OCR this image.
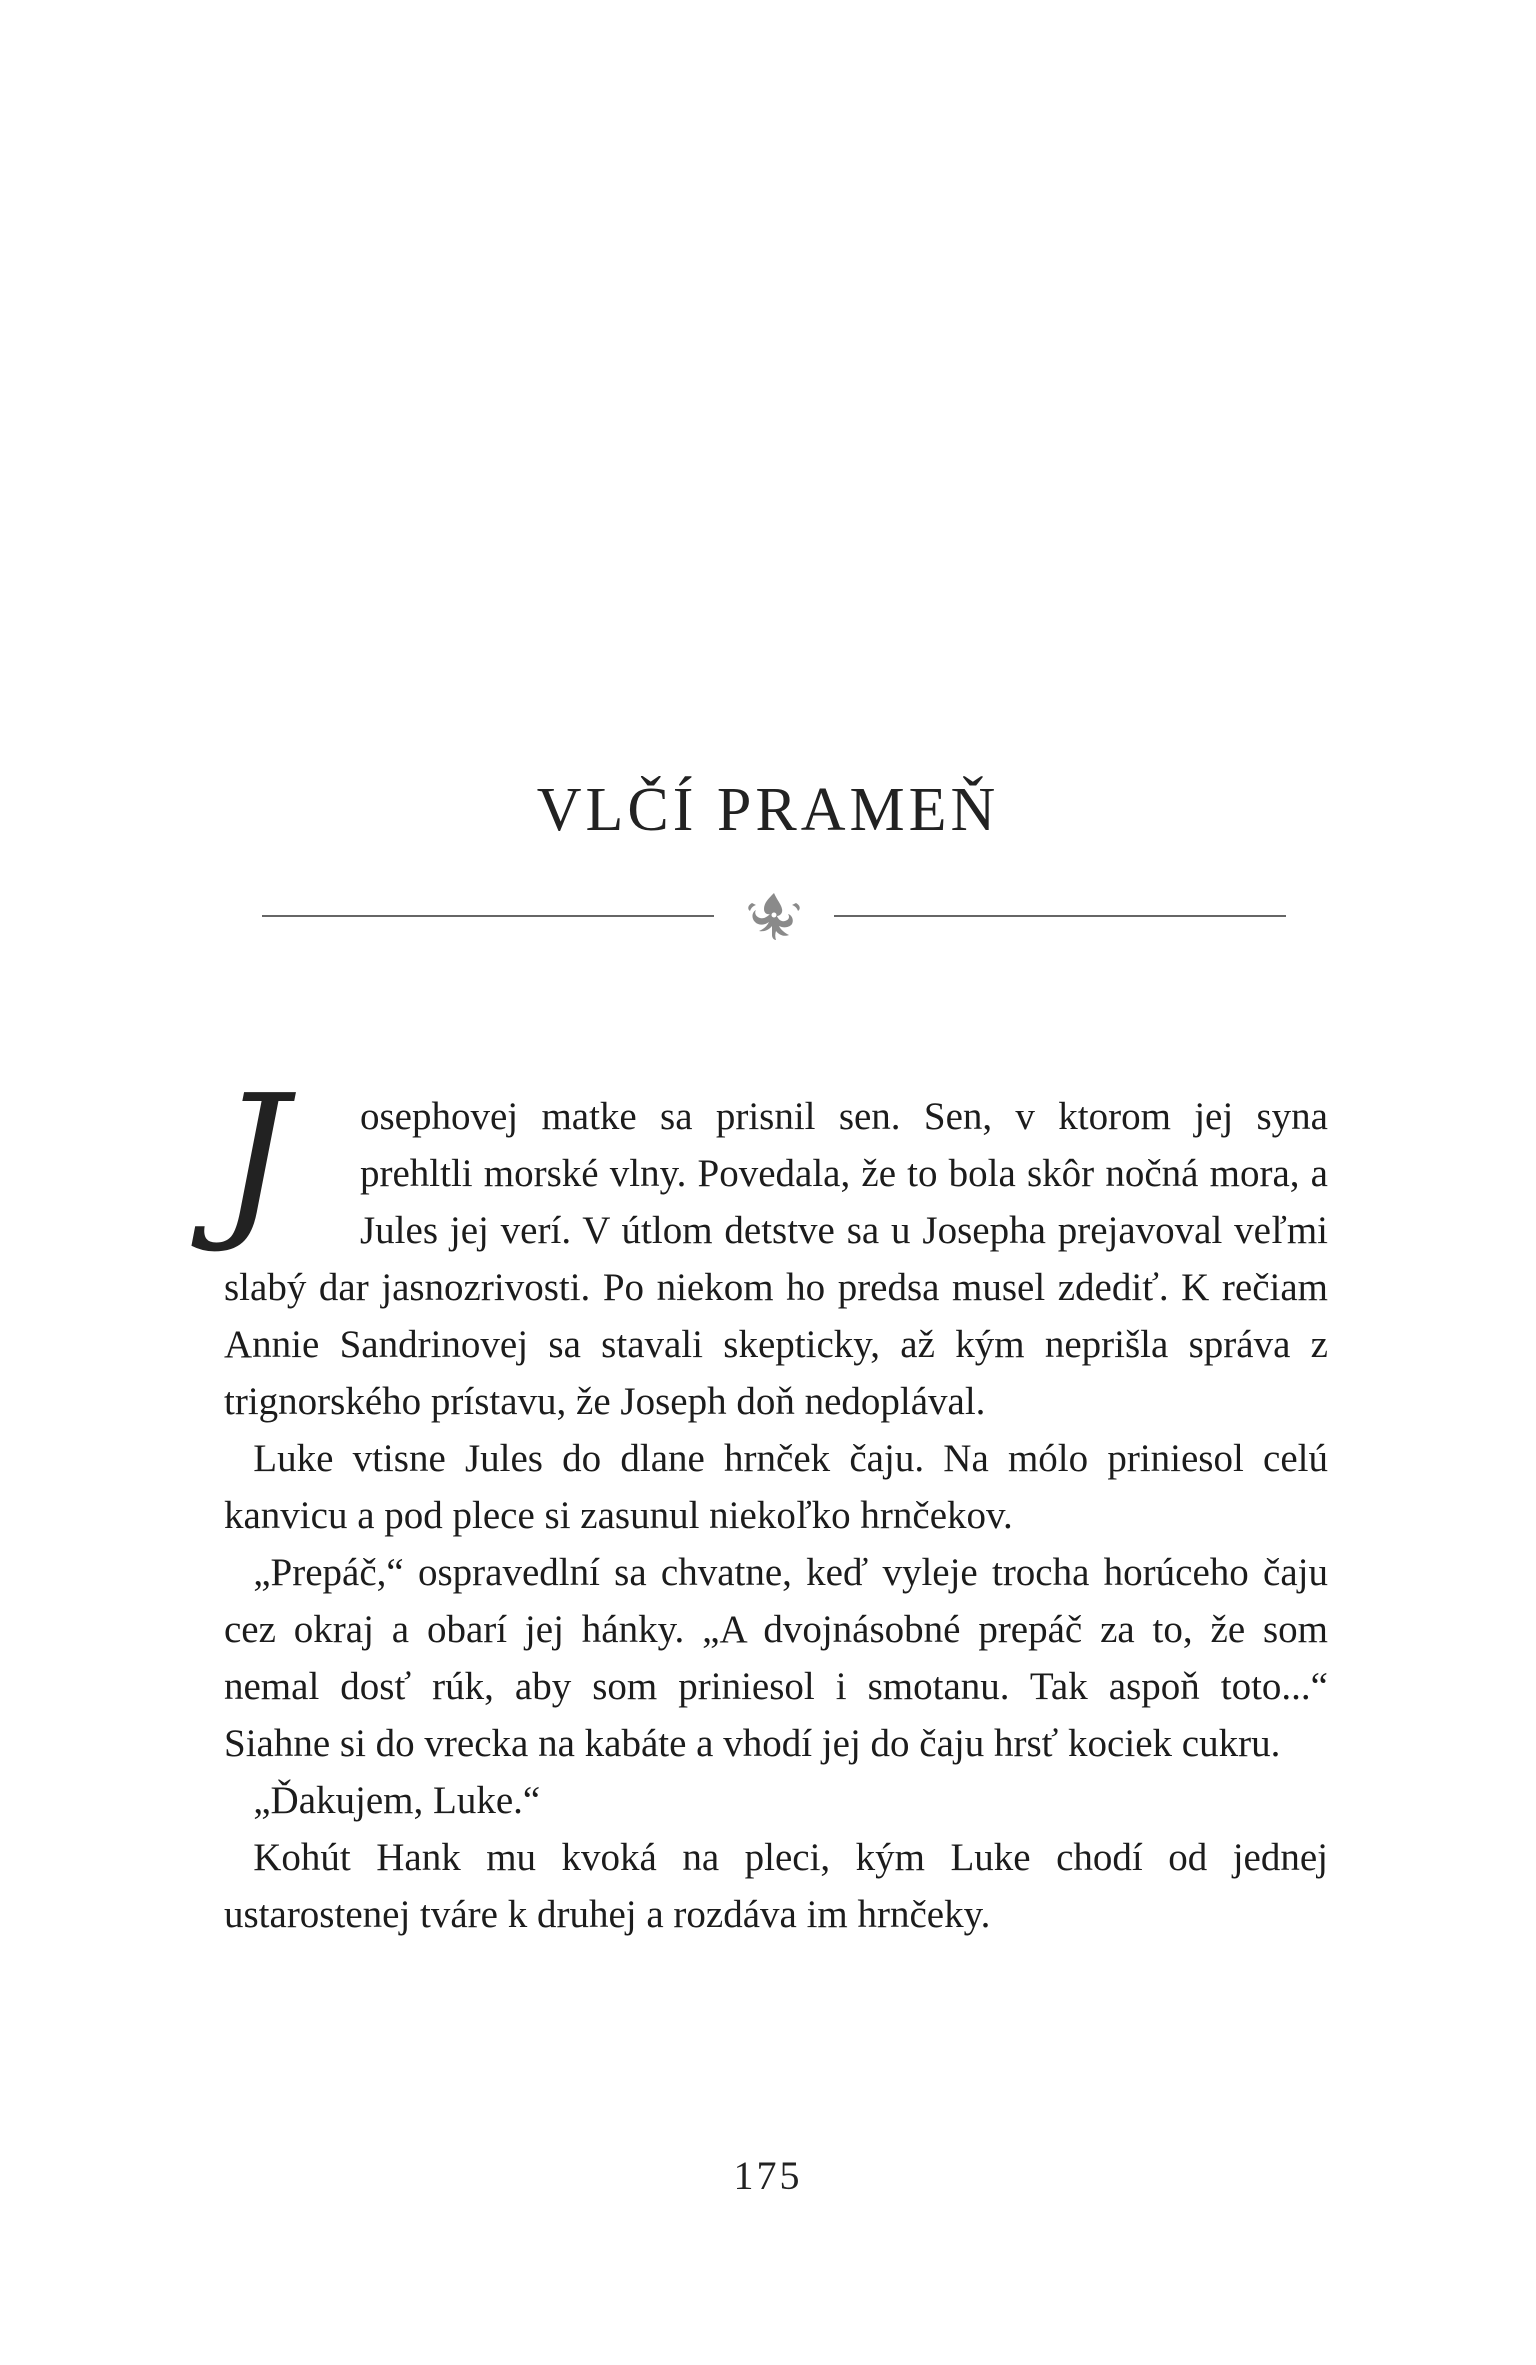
VLČÍ PRAMEŇ

J	osephovej matke sa prisnil sen. Sen, v ktorom jej syna prehltli morské vlny. Povedala, že to bola skôr nočná mora, a Jules jej verí. V útlom detstve sa u Josepha prejavoval veľmi slabý dar jasnozrivosti. Po niekom ho predsa musel zdediť. K rečiam Annie Sandrinovej sa stavali skepticky, až kým neprišla správa z trignorského prístavu, že Joseph doň nedoplával.

Luke vtisne Jules do dlane hrnček čaju. Na mólo priniesol celú kanvicu a pod plece si zasunul niekoľko hrnčekov.

„Prepáč,“ ospravedlní sa chvatne, keď vyleje trocha horúceho čaju cez okraj a obarí jej hánky. „A dvojnásobné prepáč za to, že som nemal dosť rúk, aby som priniesol i smotanu. Tak aspoň toto...“ Siahne si do vrecka na kabáte a vhodí jej do čaju hrsť kociek cukru.

„Ďakujem, Luke.“

Kohút Hank mu kvoká na pleci, kým Luke chodí od jednej ustarostenej tváre k druhej a rozdáva im hrnčeky.

175
